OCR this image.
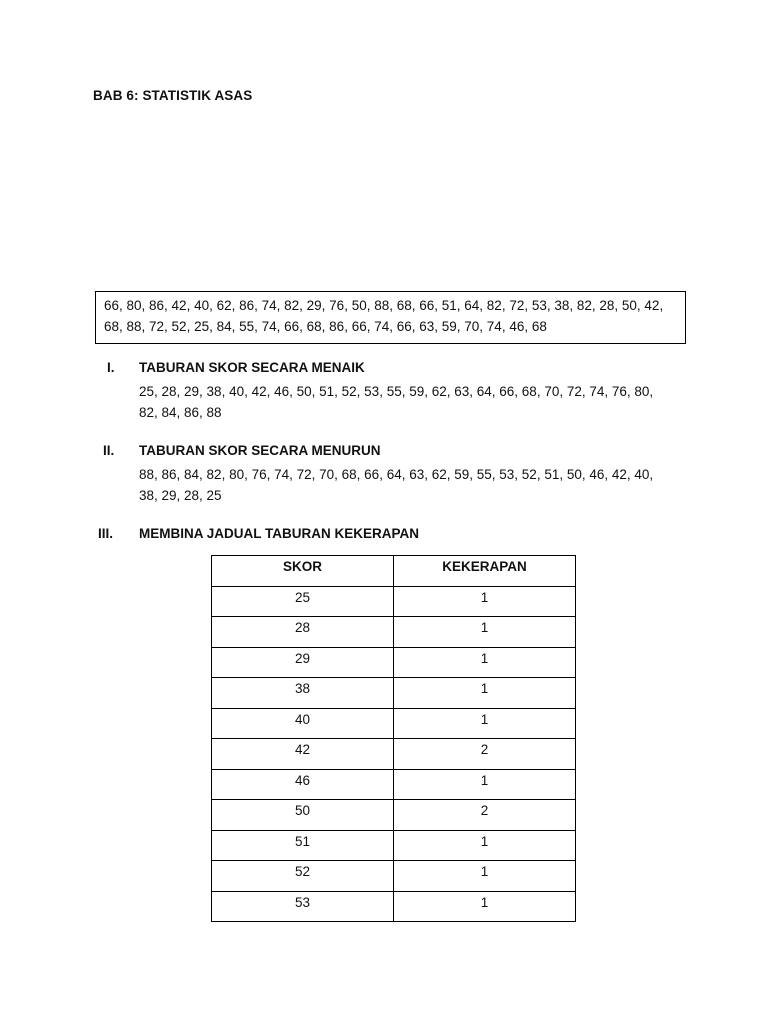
BAB 6: STATISTIK ASAS
66, 80, 86, 42, 40, 62, 86, 74, 82, 29, 76, 50, 88, 68, 66, 51, 64, 82, 72, 53, 38, 82, 28, 50, 42, 68, 88, 72, 52, 25, 84, 55, 74, 66, 68, 86, 66, 74, 66, 63, 59, 70, 74, 46, 68
I. TABURAN SKOR SECARA MENAIK
25, 28, 29, 38, 40, 42, 46, 50, 51, 52, 53, 55, 59, 62, 63, 64, 66, 68, 70, 72, 74, 76, 80, 82, 84, 86, 88
II. TABURAN SKOR SECARA MENURUN
88, 86, 84, 82, 80, 76, 74, 72, 70, 68, 66, 64, 63, 62, 59, 55, 53, 52, 51, 50, 46, 42, 40, 38, 29, 28, 25
III. MEMBINA JADUAL TABURAN KEKERAPAN
SKOR	KEKERAPAN
25	1
28	1
29	1
38	1
40	1
42	2
46	1
50	2
51	1
52	1
53	1
